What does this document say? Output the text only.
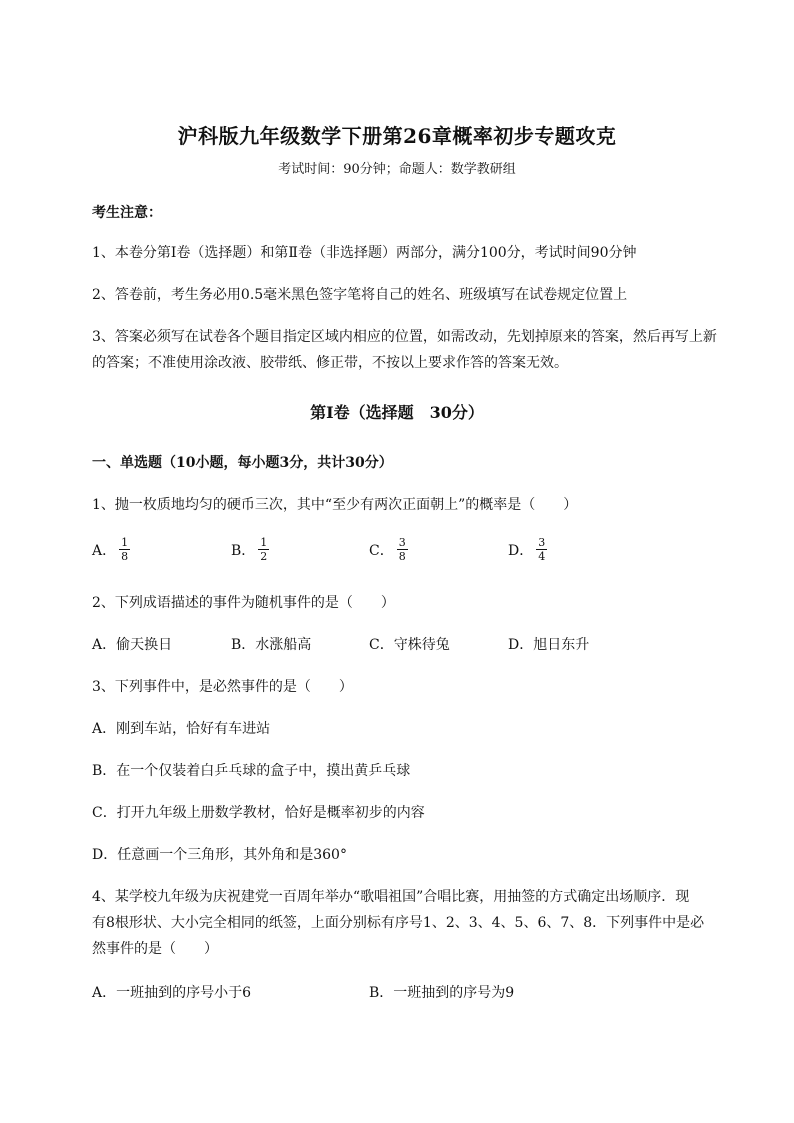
沪科版九年级数学下册第26章概率初步专题攻克
考试时间：90分钟；命题人：数学教研组
考生注意：
1、本卷分第I卷（选择题）和第Ⅱ卷（非选择题）两部分，满分100分，考试时间90分钟
2、答卷前，考生务必用0.5毫米黑色签字笔将自己的姓名、班级填写在试卷规定位置上
3、答案必须写在试卷各个题目指定区域内相应的位置，如需改动，先划掉原来的答案，然后再写上新
的答案；不准使用涂改液、胶带纸、修正带，不按以上要求作答的答案无效。
第I卷（选择题　30分）
一、单选题（10小题，每小题3分，共计30分）
1、抛一枚质地均匀的硬币三次，其中“至少有两次正面朝上”的概率是（　　）
A． $\frac{1}{8}$	B． $\frac{1}{2}$	C． $\frac{3}{8}$	D． $\frac{3}{4}$
2、下列成语描述的事件为随机事件的是（　　）
A．偷天换日	B．水涨船高	C．守株待兔	D．旭日东升
3、下列事件中，是必然事件的是（　　）
A．刚到车站，恰好有车进站
B．在一个仅装着白乒乓球的盒子中，摸出黄乒乓球
C．打开九年级上册数学教材，恰好是概率初步的内容
D．任意画一个三角形，其外角和是360°
4、某学校九年级为庆祝建党一百周年举办“歌唱祖国”合唱比赛，用抽签的方式确定出场顺序．现
有8根形状、大小完全相同的纸签，上面分别标有序号1、2、3、4、5、6、7、8．下列事件中是必
然事件的是（　　）
A．一班抽到的序号小于6	B．一班抽到的序号为9
